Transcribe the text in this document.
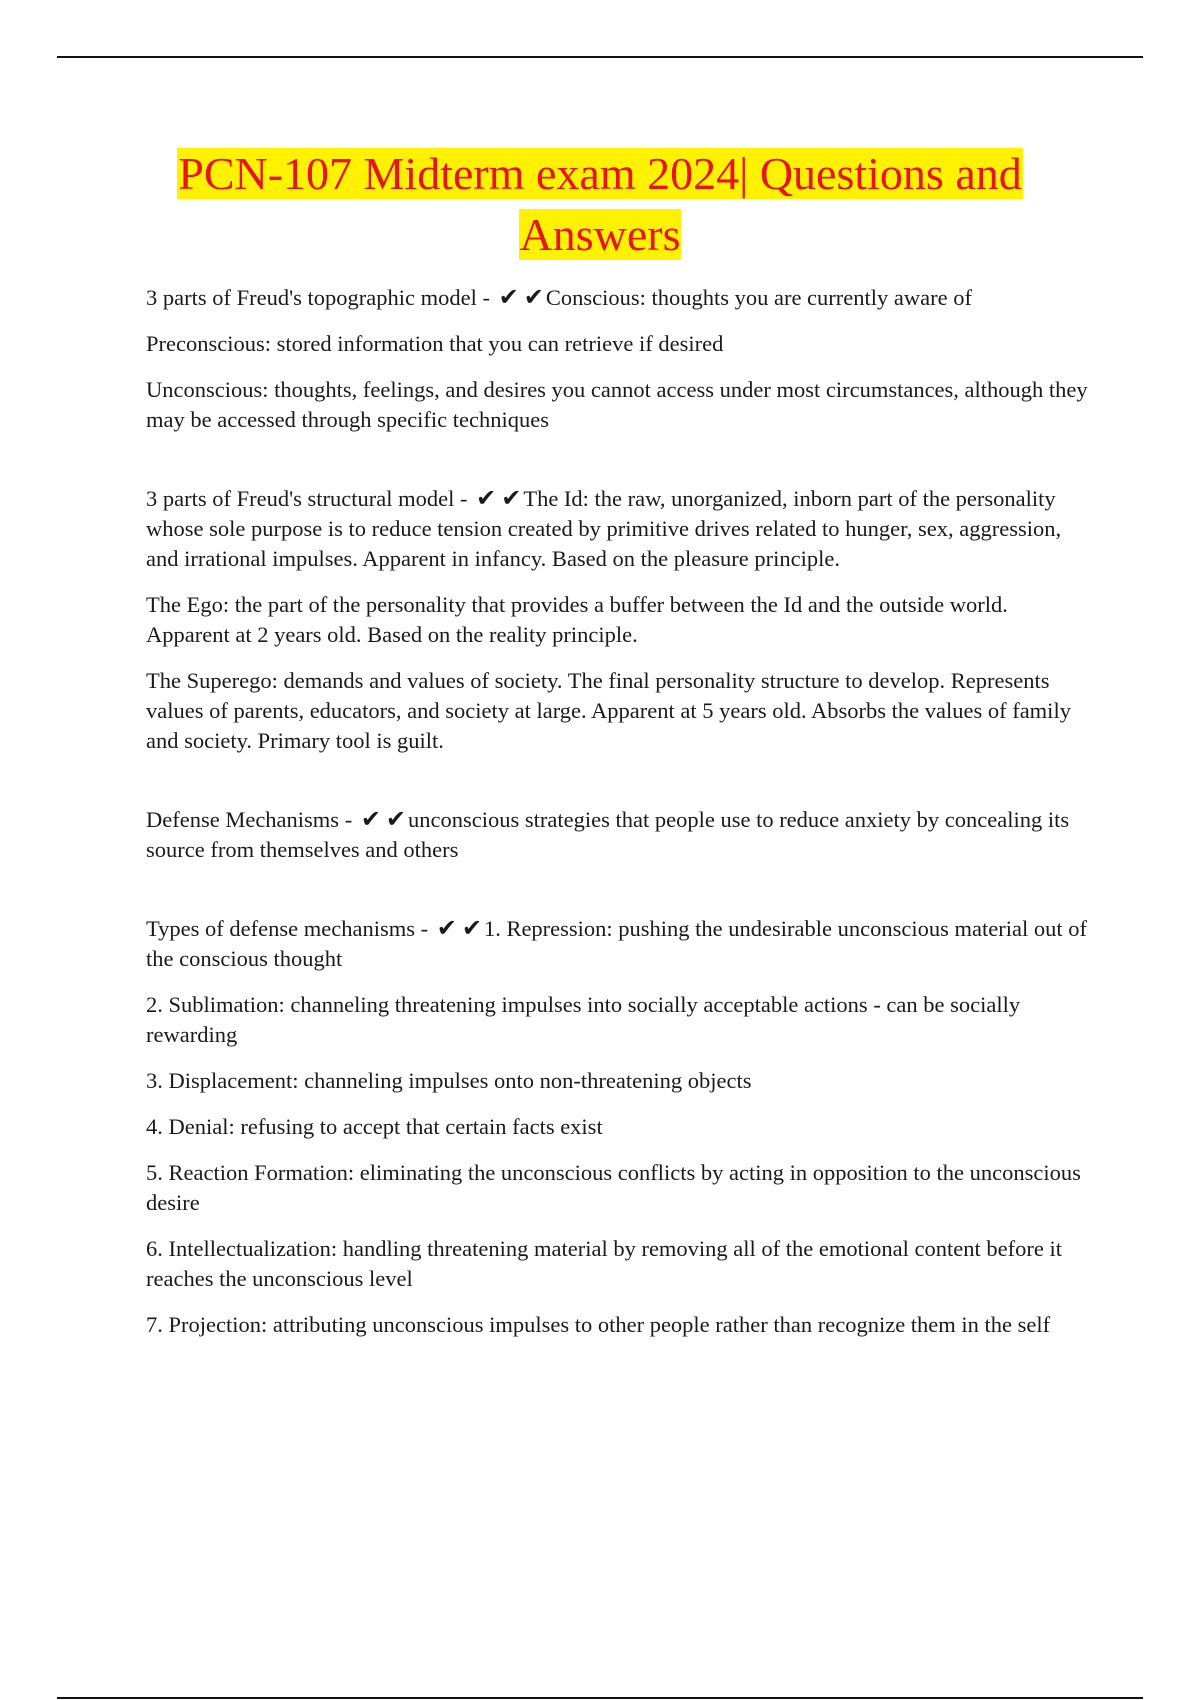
PCN-107 Midterm exam 2024| Questions and
Answers

3 parts of Freud's topographic model - ✔ ✔Conscious: thoughts you are currently aware of

Preconscious: stored information that you can retrieve if desired

Unconscious: thoughts, feelings, and desires you cannot access under most circumstances, although they may be accessed through specific techniques

3 parts of Freud's structural model - ✔ ✔The Id: the raw, unorganized, inborn part of the personality whose sole purpose is to reduce tension created by primitive drives related to hunger, sex, aggression, and irrational impulses. Apparent in infancy. Based on the pleasure principle.

The Ego: the part of the personality that provides a buffer between the Id and the outside world. Apparent at 2 years old. Based on the reality principle.

The Superego: demands and values of society. The final personality structure to develop. Represents values of parents, educators, and society at large. Apparent at 5 years old. Absorbs the values of family and society. Primary tool is guilt.

Defense Mechanisms - ✔ ✔unconscious strategies that people use to reduce anxiety by concealing its source from themselves and others

Types of defense mechanisms - ✔ ✔1. Repression: pushing the undesirable unconscious material out of the conscious thought

2. Sublimation: channeling threatening impulses into socially acceptable actions - can be socially rewarding

3. Displacement: channeling impulses onto non-threatening objects

4. Denial: refusing to accept that certain facts exist

5. Reaction Formation: eliminating the unconscious conflicts by acting in opposition to the unconscious desire

6. Intellectualization: handling threatening material by removing all of the emotional content before it reaches the unconscious level

7. Projection: attributing unconscious impulses to other people rather than recognize them in the self
